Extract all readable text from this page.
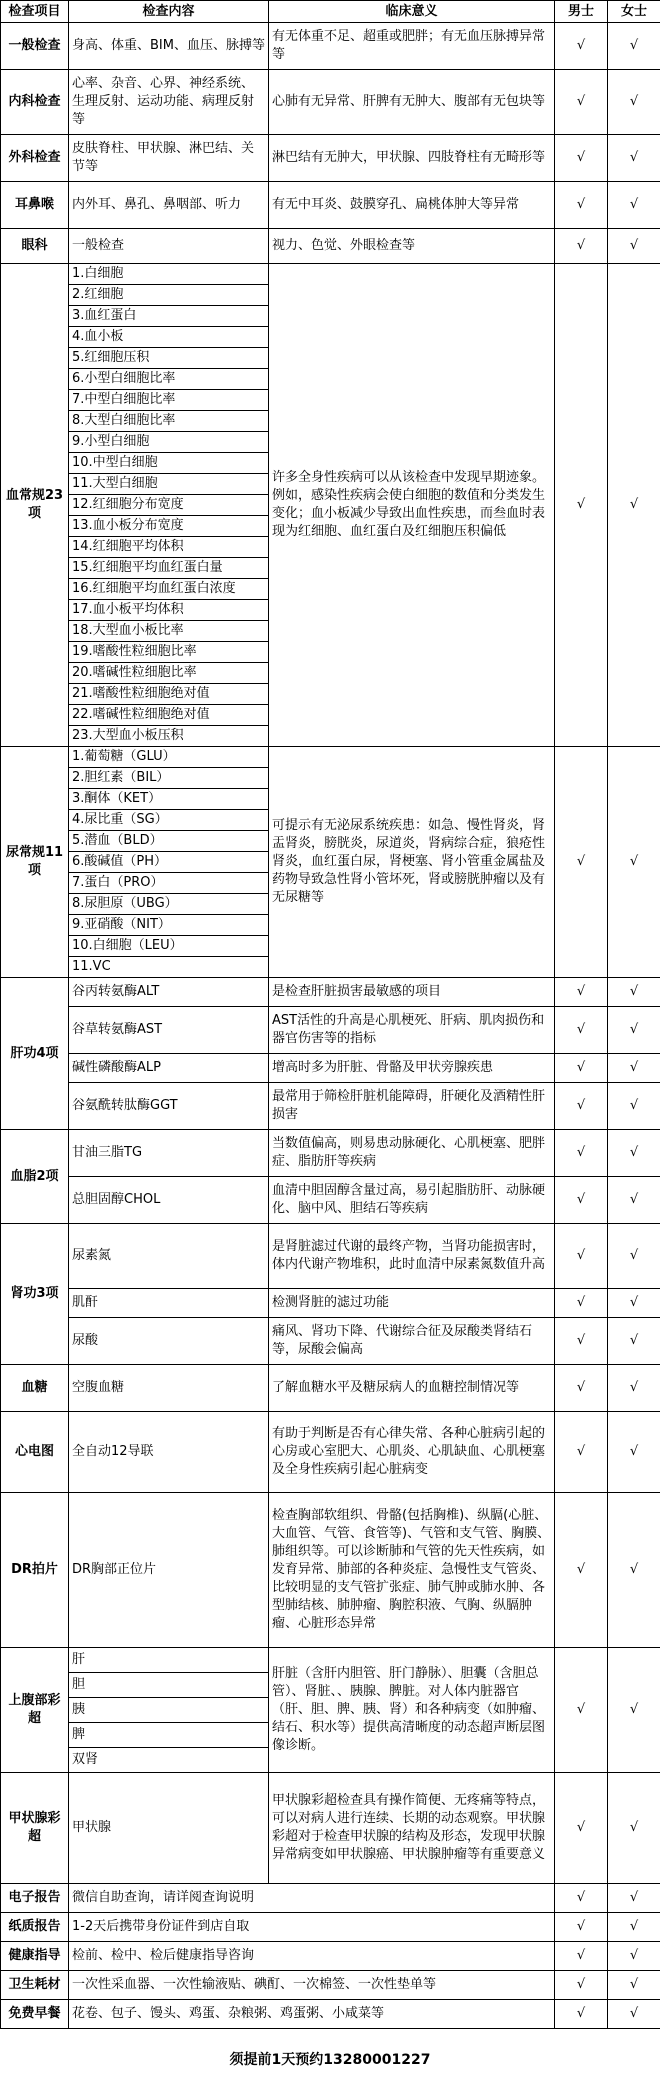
检查项目	检查内容	临床意义	男士	女士
一般检查	身高、体重、BIM、血压、脉搏等	有无体重不足、超重或肥胖；有无血压脉搏异常等	√	√
内科检查	心率、杂音、心界、神经系统、生理反射、运动功能、病理反射等	心肺有无异常、肝脾有无肿大、腹部有无包块等	√	√
外科检查	皮肤脊柱、甲状腺、淋巴结、关节等	淋巴结有无肿大，甲状腺、四肢脊柱有无畸形等	√	√
耳鼻喉	内外耳、鼻孔、鼻咽部、听力	有无中耳炎、鼓膜穿孔、扁桃体肿大等异常	√	√
眼科	一般检查	视力、色觉、外眼检查等	√	√
血常规23项	1.白细胞	许多全身性疾病可以从该检查中发现早期迹象。例如，感染性疾病会使白细胞的数值和分类发生变化；血小板减少导致出血性疾患，而叁血时表现为红细胞、血红蛋白及红细胞压积偏低	√	√
	2.红细胞			
	3.血红蛋白			
	4.血小板			
	5.红细胞压积			
	6.小型白细胞比率			
	7.中型白细胞比率			
	8.大型白细胞比率			
	9.小型白细胞			
	10.中型白细胞			
	11.大型白细胞			
	12.红细胞分布宽度			
	13.血小板分布宽度			
	14.红细胞平均体积			
	15.红细胞平均血红蛋白量			
	16.红细胞平均血红蛋白浓度			
	17.血小板平均体积			
	18.大型血小板比率			
	19.嗜酸性粒细胞比率			
	20.嗜碱性粒细胞比率			
	21.嗜酸性粒细胞绝对值			
	22.嗜碱性粒细胞绝对值			
	23.大型血小板压积			
尿常规11项	1.葡萄糖（GLU）	可提示有无泌尿系统疾患：如急、慢性肾炎，肾盂肾炎，膀胱炎，尿道炎，肾病综合症，狼疮性肾炎，血红蛋白尿，肾梗塞、肾小管重金属盐及药物导致急性肾小管坏死，肾或膀胱肿瘤以及有无尿糖等	√	√
	2.胆红素（BIL）			
	3.酮体（KET）			
	4.尿比重（SG）			
	5.潜血（BLD）			
	6.酸碱值（PH）			
	7.蛋白（PRO）			
	8.尿胆原（UBG）			
	9.亚硝酸（NIT）			
	10.白细胞（LEU）			
	11.VC			
肝功4项	谷丙转氨酶ALT	是检查肝脏损害最敏感的项目	√	√
	谷草转氨酶AST	AST活性的升高是心肌梗死、肝病、肌肉损伤和器官伤害等的指标	√	√
	碱性磷酸酶ALP	增高时多为肝脏、骨骼及甲状旁腺疾患	√	√
	谷氨酰转肽酶GGT	最常用于筛检肝脏机能障碍，肝硬化及酒精性肝损害	√	√
血脂2项	甘油三脂TG	当数值偏高，则易患动脉硬化、心肌梗塞、肥胖症、脂肪肝等疾病	√	√
	总胆固醇CHOL	血清中胆固醇含量过高，易引起脂肪肝、动脉硬化、脑中风、胆结石等疾病	√	√
肾功3项	尿素氮	是肾脏滤过代谢的最终产物，当肾功能损害时，体内代谢产物堆积，此时血清中尿素氮数值升高	√	√
	肌酐	检测肾脏的滤过功能	√	√
	尿酸	痛风、肾功下降、代谢综合征及尿酸类肾结石等，尿酸会偏高	√	√
血糖	空腹血糖	了解血糖水平及糖尿病人的血糖控制情况等	√	√
心电图	全自动12导联	有助于判断是否有心律失常、各种心脏病引起的心房或心室肥大、心肌炎、心肌缺血、心肌梗塞及全身性疾病引起心脏病变	√	√
DR拍片	DR胸部正位片	检查胸部软组织、骨骼(包括胸椎)、纵膈(心脏、大血管、气管、食管等)、气管和支气管、胸膜、肺组织等。可以诊断肺和气管的先天性疾病，如发育异常、肺部的各种炎症、急慢性支气管炎、比较明显的支气管扩张症、肺气肿或肺水肿、各型肺结核、肺肿瘤、胸腔积液、气胸、纵膈肿瘤、心脏形态异常	√	√
上腹部彩超	肝	肝脏（含肝内胆管、肝门静脉）、胆囊（含胆总管）、肾脏、、胰腺、脾脏。对人体内脏器官（肝、胆、脾、胰、肾）和各种病变（如肿瘤、结石、积水等）提供高清晰度的动态超声断层图像诊断。	√	√
	胆			
	胰			
	脾			
	双肾			
甲状腺彩超	甲状腺	甲状腺彩超检查具有操作简便、无疼痛等特点，可以对病人进行连续、长期的动态观察。甲状腺彩超对于检查甲状腺的结构及形态，发现甲状腺异常病变如甲状腺癌、甲状腺肿瘤等有重要意义	√	√
电子报告	微信自助查询，请详阅查询说明		√	√
纸质报告	1-2天后携带身份证件到店自取		√	√
健康指导	检前、检中、检后健康指导咨询		√	√
卫生耗材	一次性采血器、一次性输液贴、碘酊、一次棉签、一次性垫单等		√	√
免费早餐	花卷、包子、馒头、鸡蛋、杂粮粥、鸡蛋粥、小咸菜等		√	√
须提前1天预约13280001227
